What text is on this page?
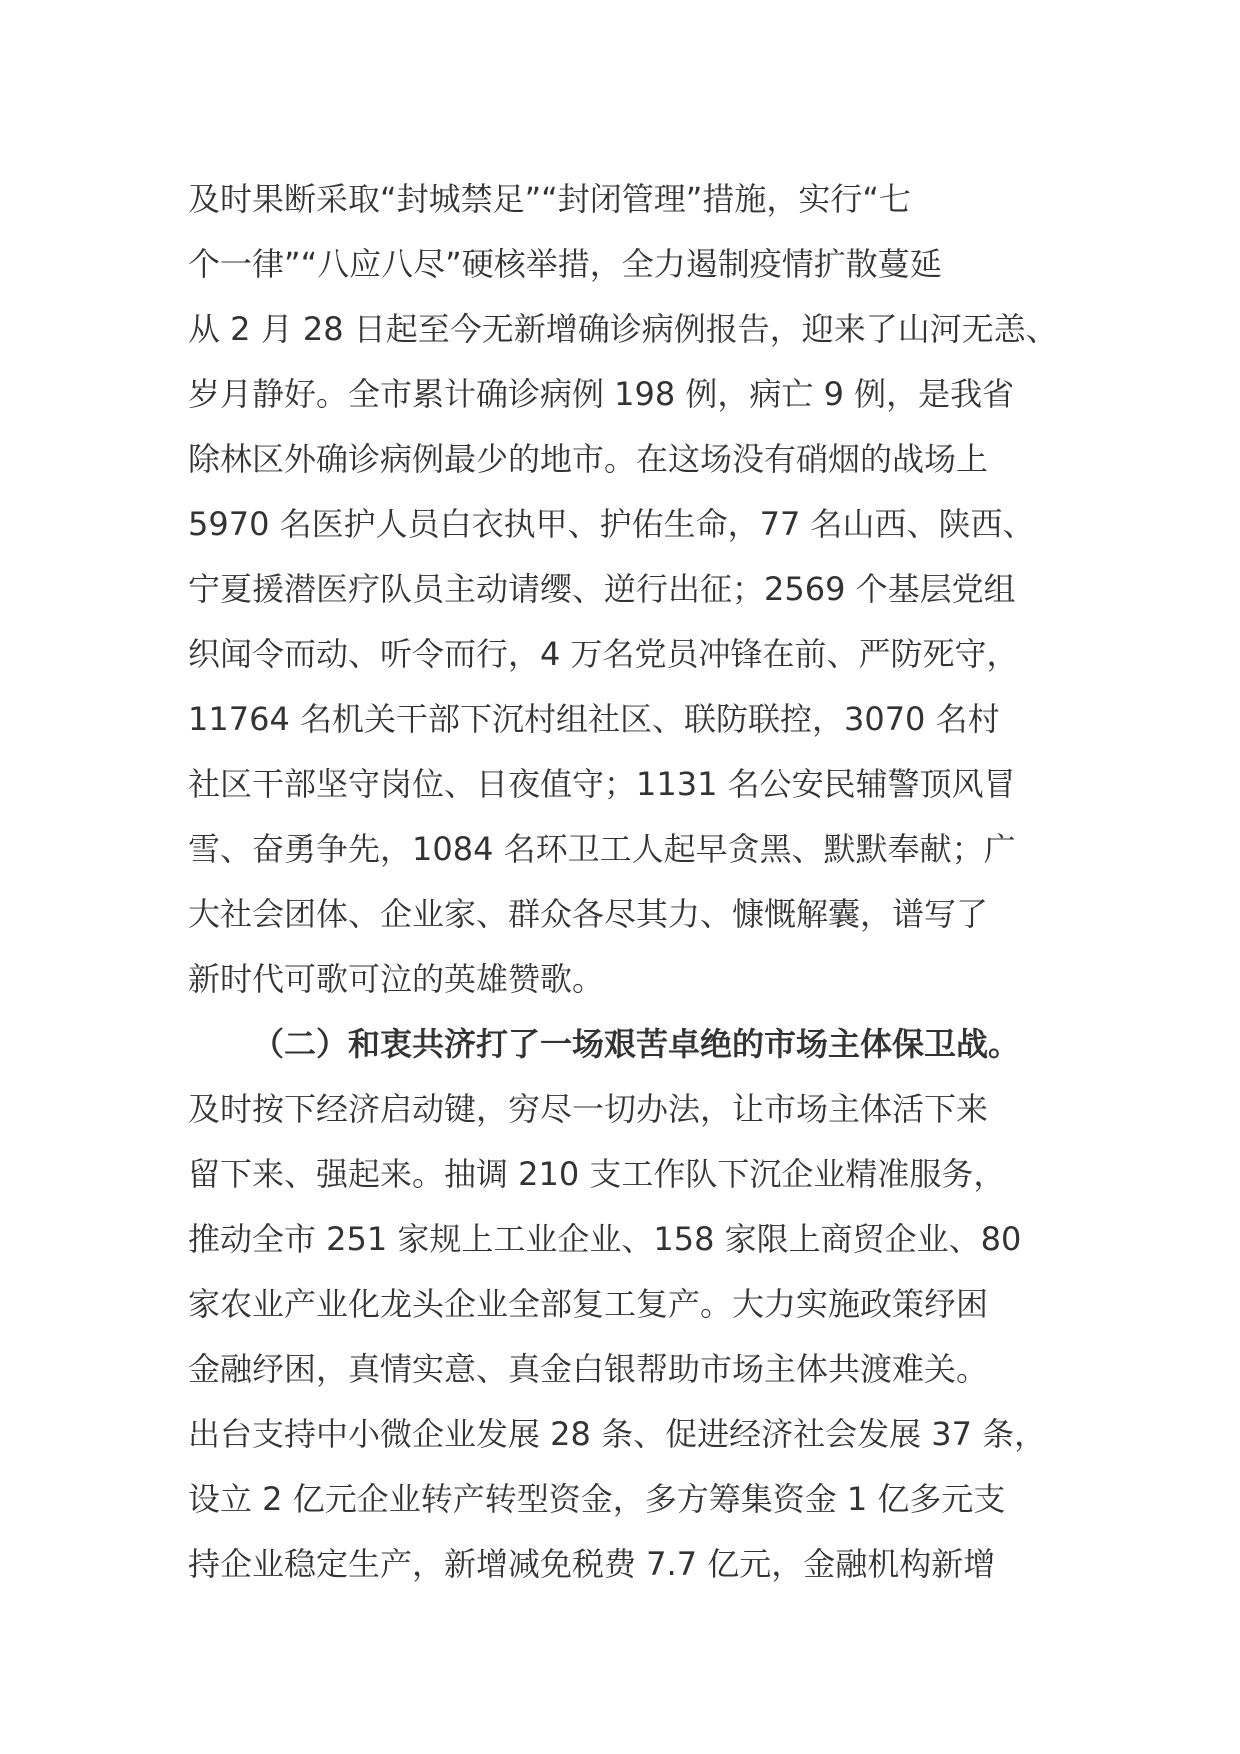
及时果断采取“封城禁足”“封闭管理”措施，实行“七
个一律”“八应八尽”硬核举措，全力遏制疫情扩散蔓延
从 2 月 28 日起至今无新增确诊病例报告，迎来了山河无恙、
岁月静好。全市累计确诊病例 198 例，病亡 9 例，是我省
除林区外确诊病例最少的地市。在这场没有硝烟的战场上
5970 名医护人员白衣执甲、护佑生命，77 名山西、陕西、
宁夏援潜医疗队员主动请缨、逆行出征；2569 个基层党组
织闻令而动、听令而行，4 万名党员冲锋在前、严防死守，
11764 名机关干部下沉村组社区、联防联控，3070 名村
社区干部坚守岗位、日夜值守；1131 名公安民辅警顶风冒
雪、奋勇争先，1084 名环卫工人起早贪黑、默默奉献；广
大社会团体、企业家、群众各尽其力、慷慨解囊，谱写了
新时代可歌可泣的英雄赞歌。
（二）和衷共济打了一场艰苦卓绝的市场主体保卫战。
及时按下经济启动键，穷尽一切办法，让市场主体活下来
留下来、强起来。抽调 210 支工作队下沉企业精准服务，
推动全市 251 家规上工业企业、158 家限上商贸企业、80
家农业产业化龙头企业全部复工复产。大力实施政策纾困
金融纾困，真情实意、真金白银帮助市场主体共渡难关。
出台支持中小微企业发展 28 条、促进经济社会发展 37 条，
设立 2 亿元企业转产转型资金，多方筹集资金 1 亿多元支
持企业稳定生产，新增减免税费 7.7 亿元，金融机构新增
